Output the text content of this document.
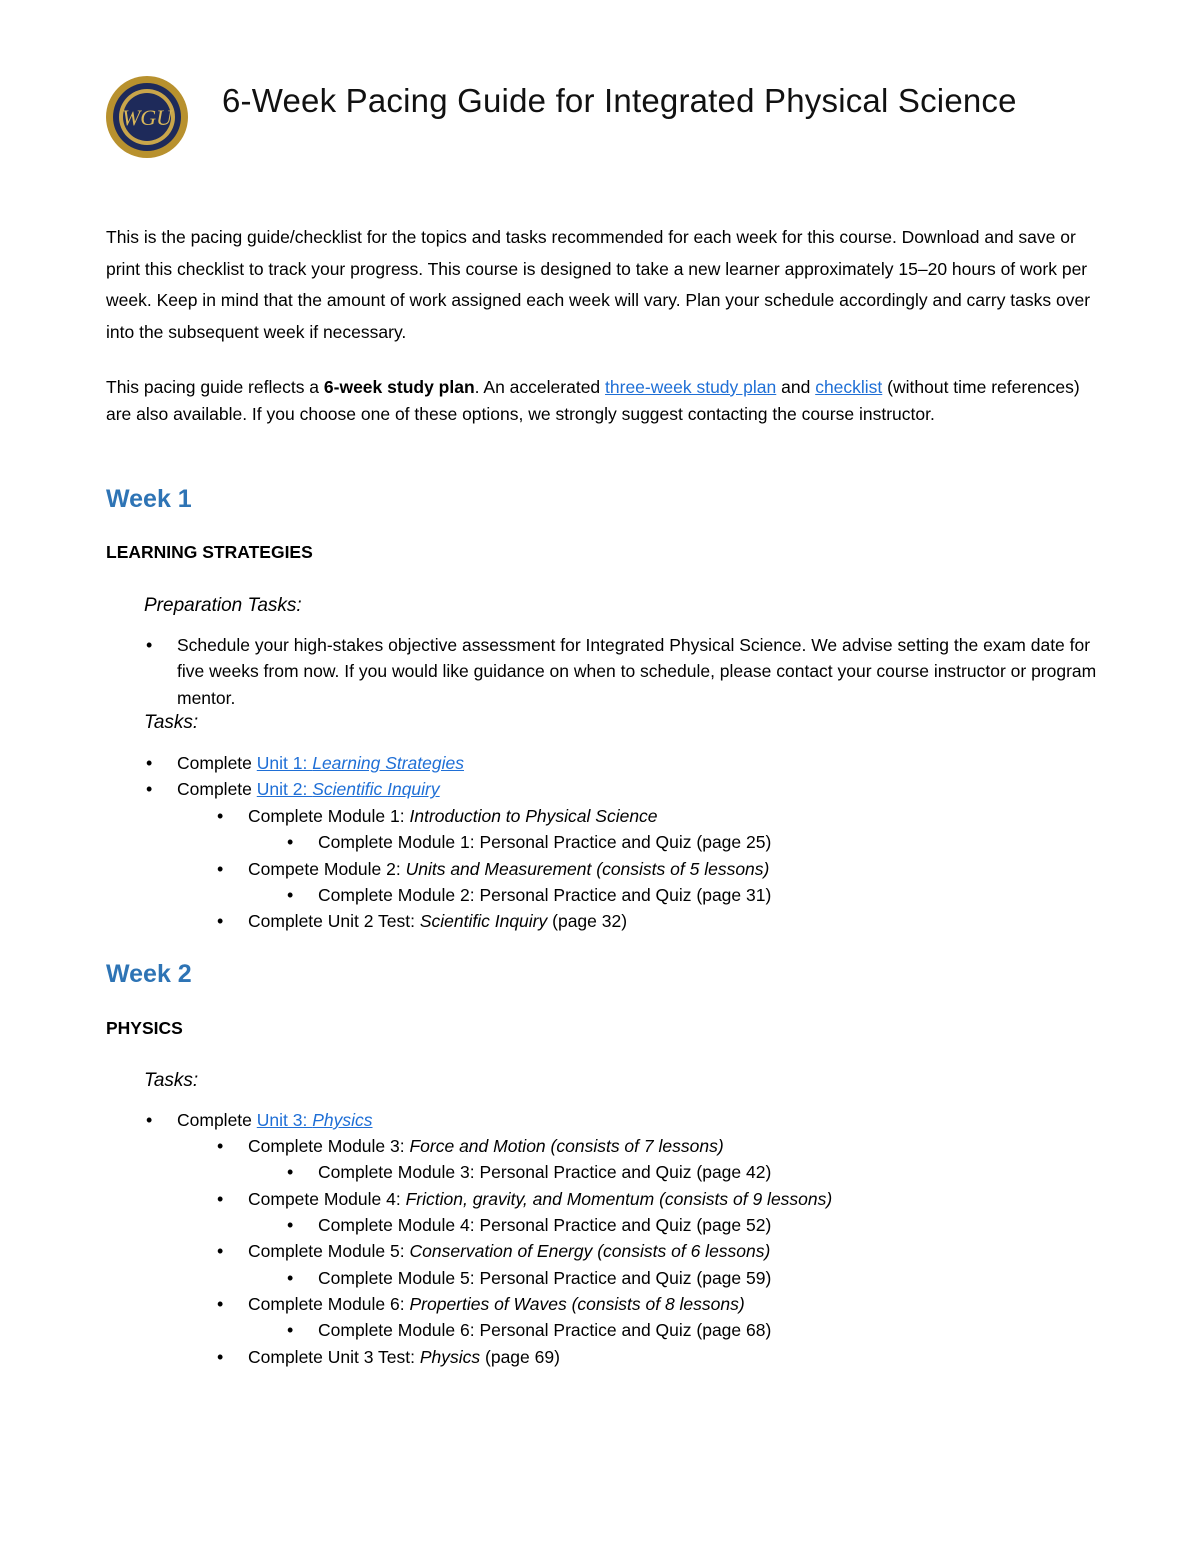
WGU 6-Week Pacing Guide for Integrated Physical Science

This is the pacing guide/checklist for the topics and tasks recommended for each week for this course. Download and save or print this checklist to track your progress. This course is designed to take a new learner approximately 15–20 hours of work per week. Keep in mind that the amount of work assigned each week will vary. Plan your schedule accordingly and carry tasks over into the subsequent week if necessary.

This pacing guide reflects a 6-week study plan. An accelerated three-week study plan and checklist (without time references) are also available. If you choose one of these options, we strongly suggest contacting the course instructor.

Week 1
LEARNING STRATEGIES
Preparation Tasks:
• Schedule your high-stakes objective assessment for Integrated Physical Science. We advise setting the exam date for five weeks from now. If you would like guidance on when to schedule, please contact your course instructor or program mentor.
Tasks:
• Complete Unit 1: Learning Strategies
• Complete Unit 2: Scientific Inquiry
• Complete Module 1: Introduction to Physical Science
• Complete Module 1: Personal Practice and Quiz (page 25)
• Compete Module 2: Units and Measurement (consists of 5 lessons)
• Complete Module 2: Personal Practice and Quiz (page 31)
• Complete Unit 2 Test: Scientific Inquiry (page 32)
Week 2
PHYSICS
Tasks:
• Complete Unit 3: Physics
• Complete Module 3: Force and Motion (consists of 7 lessons)
• Complete Module 3: Personal Practice and Quiz (page 42)
• Compete Module 4: Friction, gravity, and Momentum (consists of 9 lessons)
• Complete Module 4: Personal Practice and Quiz (page 52)
• Complete Module 5: Conservation of Energy (consists of 6 lessons)
• Complete Module 5: Personal Practice and Quiz (page 59)
• Complete Module 6: Properties of Waves (consists of 8 lessons)
• Complete Module 6: Personal Practice and Quiz (page 68)
• Complete Unit 3 Test: Physics (page 69)
